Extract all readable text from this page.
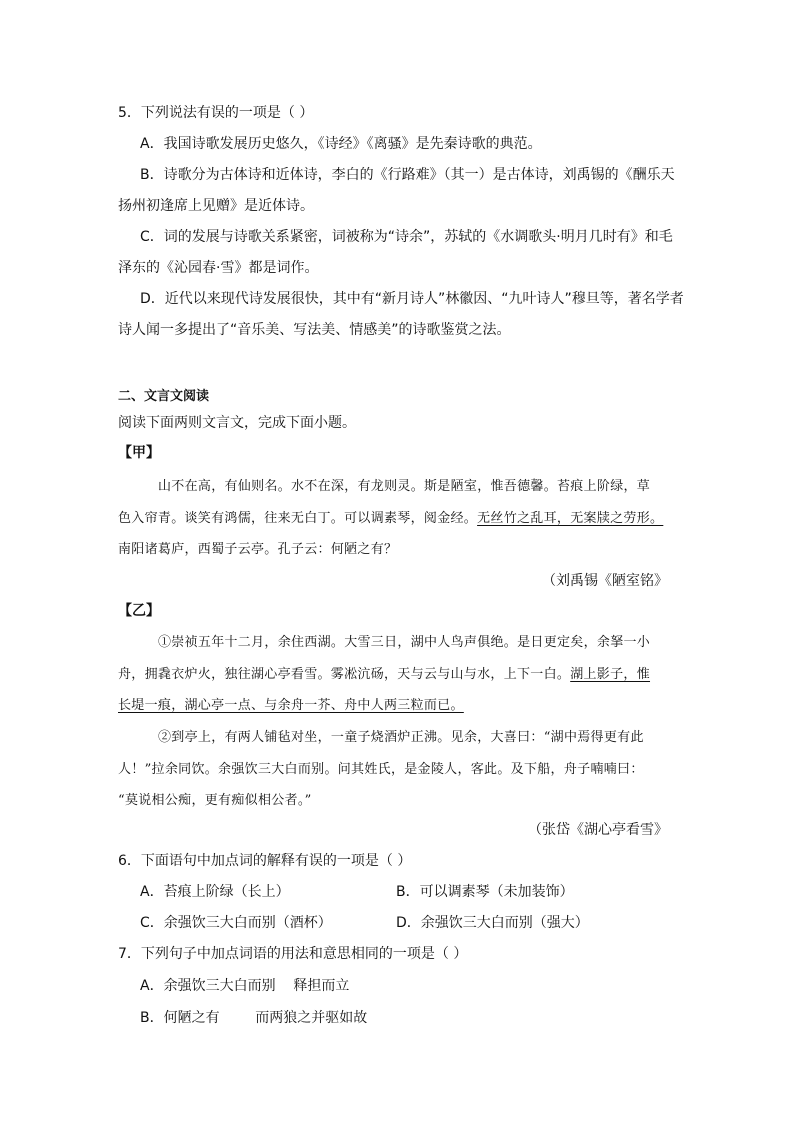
5．下列说法有误的一项是（ ）
A．我国诗歌发展历史悠久，《诗经》《离骚》是先秦诗歌的典范。
B．诗歌分为古体诗和近体诗，李白的《行路难》（其一）是古体诗，刘禹锡的《酬乐天
扬州初逢席上见赠》是近体诗。
C．词的发展与诗歌关系紧密，词被称为“诗余”，苏轼的《水调歌头·明月几时有》和毛
泽东的《沁园春·雪》都是词作。
D．近代以来现代诗发展很快，其中有“新月诗人”林徽因、“九叶诗人”穆旦等，著名学者
诗人闻一多提出了“音乐美、写法美、情感美”的诗歌鉴赏之法。
二、文言文阅读
阅读下面两则文言文，完成下面小题。
【甲】
山不在高，有仙则名。水不在深，有龙则灵。斯是陋室，惟吾德馨。苔痕上阶绿，草
色入帘青。谈笑有鸿儒，往来无白丁。可以调素琴，阅金经。无丝竹之乱耳，无案牍之劳形。
南阳诸葛庐，西蜀子云亭。孔子云：何陋之有？
（刘禹锡《陋室铭》
【乙】
①崇祯五年十二月，余住西湖。大雪三日，湖中人鸟声俱绝。是日更定矣，余拏一小
舟，拥毳衣炉火，独往湖心亭看雪。雾凇沆砀，天与云与山与水，上下一白。湖上影子，惟
长堤一痕，湖心亭一点、与余舟一芥、舟中人两三粒而已。
②到亭上，有两人铺毡对坐，一童子烧酒炉正沸。见余，大喜曰：“湖中焉得更有此
人！”拉余同饮。余强饮三大白而别。问其姓氏，是金陵人，客此。及下船，舟子喃喃曰：
“莫说相公痴，更有痴似相公者。”
（张岱《湖心亭看雪》
6．下面语句中加点词的解释有误的一项是（ ）
A．苔痕上阶绿（长上）	B．可以调素琴（未加装饰）
C．余强饮三大白而别（酒杯）	D．余强饮三大白而别（强大）
7．下列句子中加点词语的用法和意思相同的一项是（ ）
A．余强饮三大白而别    释担而立
B．何陋之有        而两狼之并驱如故
